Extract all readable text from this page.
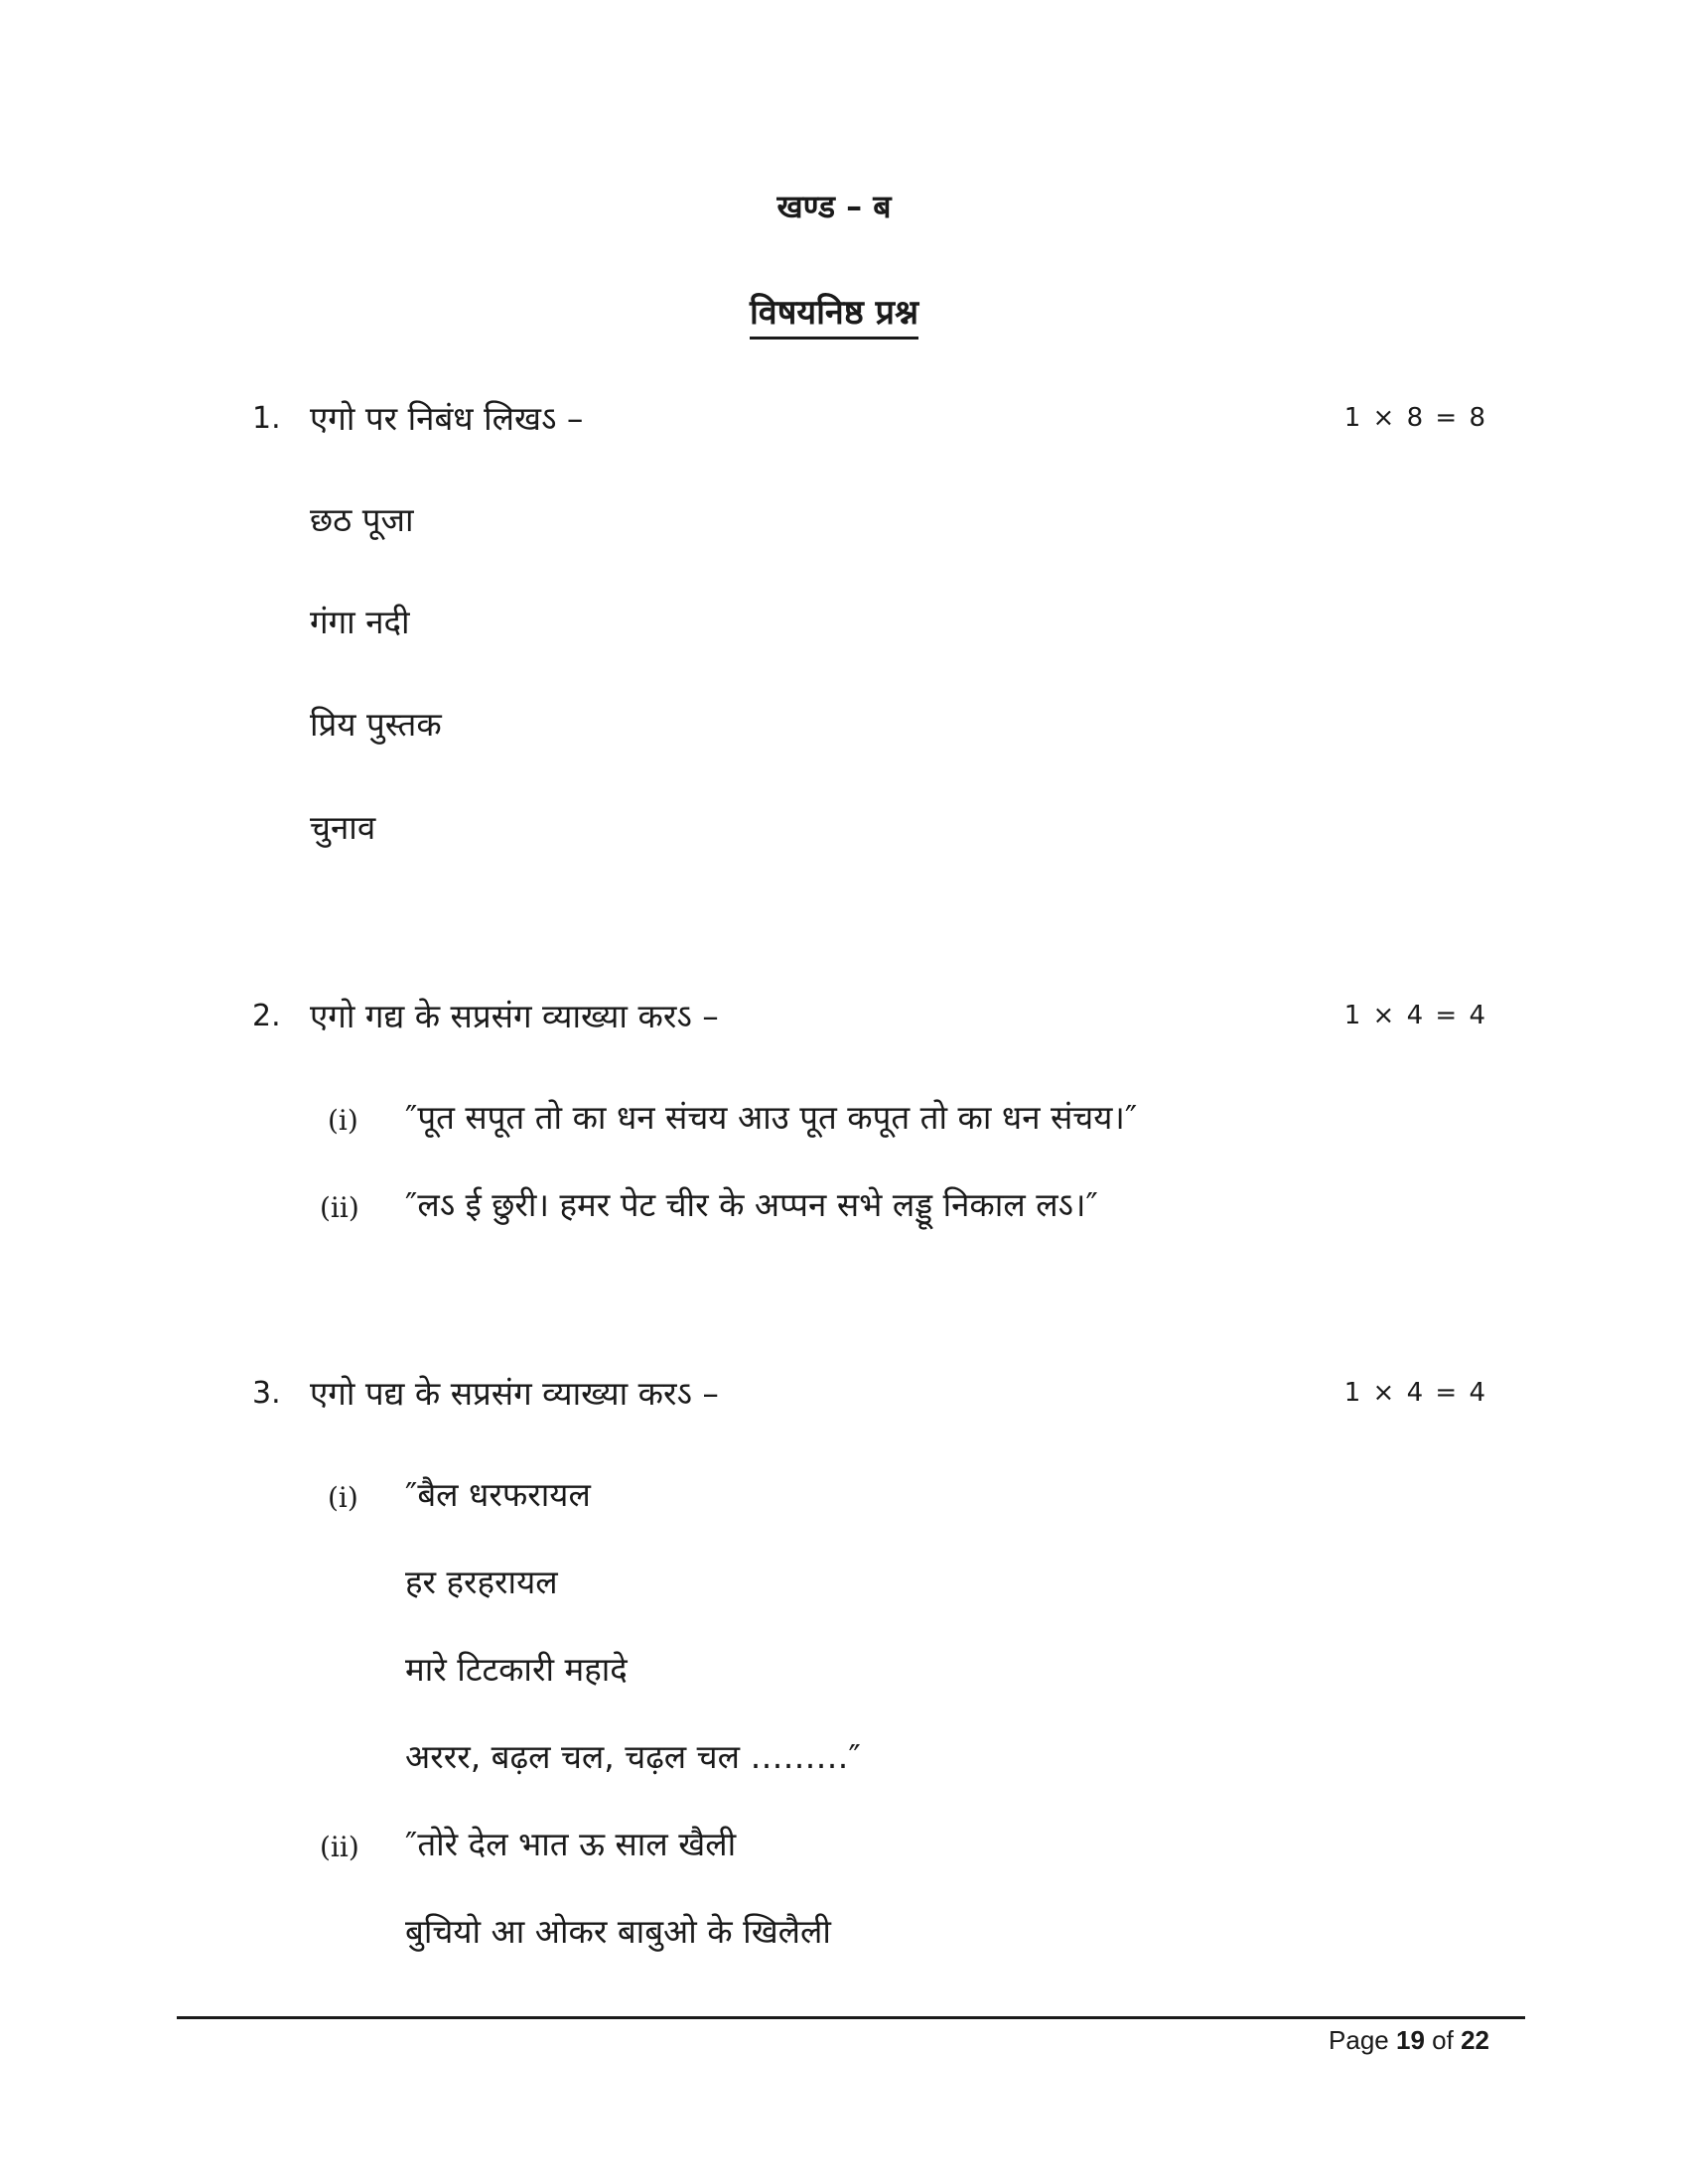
खण्ड – ब
विषयनिष्ठ प्रश्न
1. एगो पर निबंध लिखऽ –	1 × 8 = 8
छठ पूजा
गंगा नदी
प्रिय पुस्तक
चुनाव
2. एगो गद्य के सप्रसंग व्याख्या करऽ –	1 × 4 = 4
(i) ″पूत सपूत तो का धन संचय आउ पूत कपूत तो का धन संचय।″
(ii) ″लऽ ई छुरी। हमर पेट चीर के अप्पन सभे लड्डू निकाल लऽ।″
3. एगो पद्य के सप्रसंग व्याख्या करऽ –	1 × 4 = 4
(i) ″बैल धरफरायल
हर हरहरायल
मारे टिटकारी महादे
अररर, बढ़ल चल, चढ़ल चल ………″
(ii) ″तोरे देल भात ऊ साल खैली
बुचियो आ ओकर बाबुओ के खिलैली
Page 19 of 22
